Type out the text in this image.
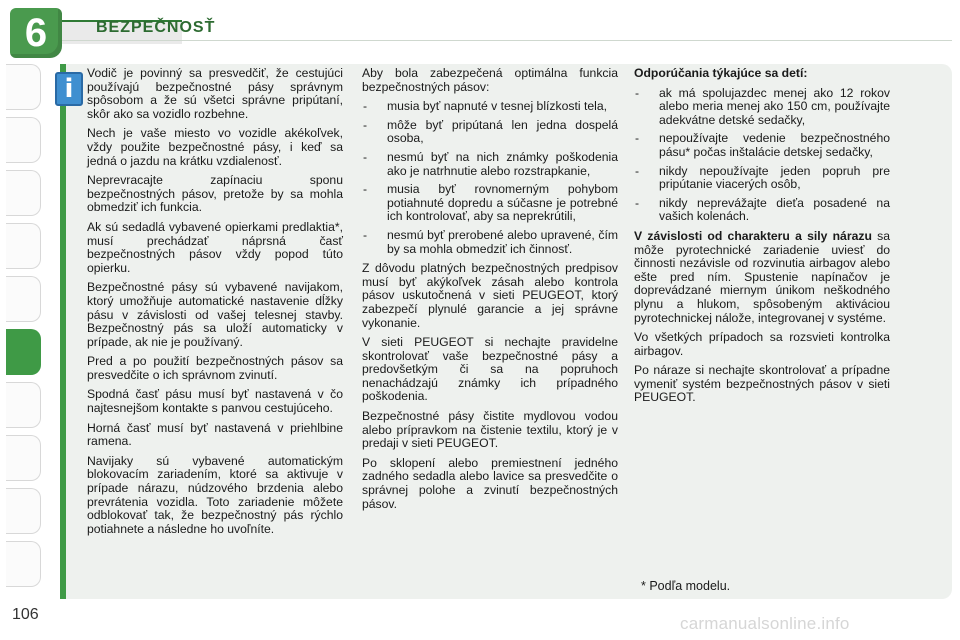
6	BEZPEČNOSŤ
i

Vodič je povinný sa presvedčiť, že cestujúci používajú bezpečnostné pásy správnym spôsobom a že sú všetci správne pripútaní, skôr ako sa vozidlo rozbehne.

Nech je vaše miesto vo vozidle akékoľvek, vždy použite bezpečnostné pásy, i keď sa jedná o jazdu na krátku vzdialenosť.

Neprevracajte zapínaciu sponu bezpečnostných pásov, pretože by sa mohla obmedziť ich funkcia.

Ak sú sedadlá vybavené opierkami predlaktia*, musí prechádzať náprsná časť bezpečnostných pásov vždy popod túto opierku.

Bezpečnostné pásy sú vybavené navijakom, ktorý umožňuje automatické nastavenie dĺžky pásu v závislosti od vašej telesnej stavby. Bezpečnostný pás sa uloží automaticky v prípade, ak nie je používaný.

Pred a po použití bezpečnostných pásov sa presvedčite o ich správnom zvinutí.

Spodná časť pásu musí byť nastavená v čo najtesnejšom kontakte s panvou cestujúceho.

Horná časť musí byť nastavená v priehlbine ramena.

Navijaky sú vybavené automatickým blokovacím zariadením, ktoré sa aktivuje v prípade nárazu, núdzového brzdenia alebo prevrátenia vozidla. Toto zariadenie môžete odblokovať tak, že bezpečnostný pás rýchlo potiahnete a následne ho uvoľníte.

Aby bola zabezpečená optimálna funkcia bezpečnostných pásov:

- musia byť napnuté v tesnej blízkosti tela,
- môže byť pripútaná len jedna dospelá osoba,
- nesmú byť na nich známky poškodenia ako je natrhnutie alebo rozstrapkanie,
- musia byť rovnomerným pohybom potiahnuté dopredu a súčasne je potrebné ich kontrolovať, aby sa neprekrútili,
- nesmú byť prerobené alebo upravené, čím by sa mohla obmedziť ich činnosť.

Z dôvodu platných bezpečnostných predpisov musí byť akýkoľvek zásah alebo kontrola pásov uskutočnená v sieti PEUGEOT, ktorý zabezpečí plynulé garancie a jej správne vykonanie.

V sieti PEUGEOT si nechajte pravidelne skontrolovať vaše bezpečnostné pásy a predovšetkým či sa na popruhoch nenachádzajú známky ich prípadného poškodenia.

Bezpečnostné pásy čistite mydlovou vodou alebo prípravkom na čistenie textilu, ktorý je v predaji v sieti PEUGEOT.

Po sklopení alebo premiestnení jedného zadného sedadla alebo lavice sa presvedčite o správnej polohe a zvinutí bezpečnostných pásov.

Odporúčania týkajúce sa detí:

- ak má spolujazdec menej ako 12 rokov alebo meria menej ako 150 cm, používajte adekvátne detské sedačky,
- nepoužívajte vedenie bezpečnostného pásu* počas inštalácie detskej sedačky,
- nikdy nepoužívajte jeden popruh pre pripútanie viacerých osôb,
- nikdy neprevážajte dieťa posadené na vašich kolenách.

V závislosti od charakteru a sily nárazu sa môže pyrotechnické zariadenie uviesť do činnosti nezávisle od rozvinutia airbagov alebo ešte pred ním. Spustenie napínačov je doprevádzané miernym únikom neškodného plynu a hlukom, spôsobeným aktiváciou pyrotechnickej náložе, integrovanej v systéme.

Vo všetkých prípadoch sa rozsvieti kontrolka airbagov.

Po náraze si nechajte skontrolovať a prípadne vymeniť systém bezpečnostných pásov v sieti PEUGEOT.

* Podľa modelu.
106	carmanualsonline.info
